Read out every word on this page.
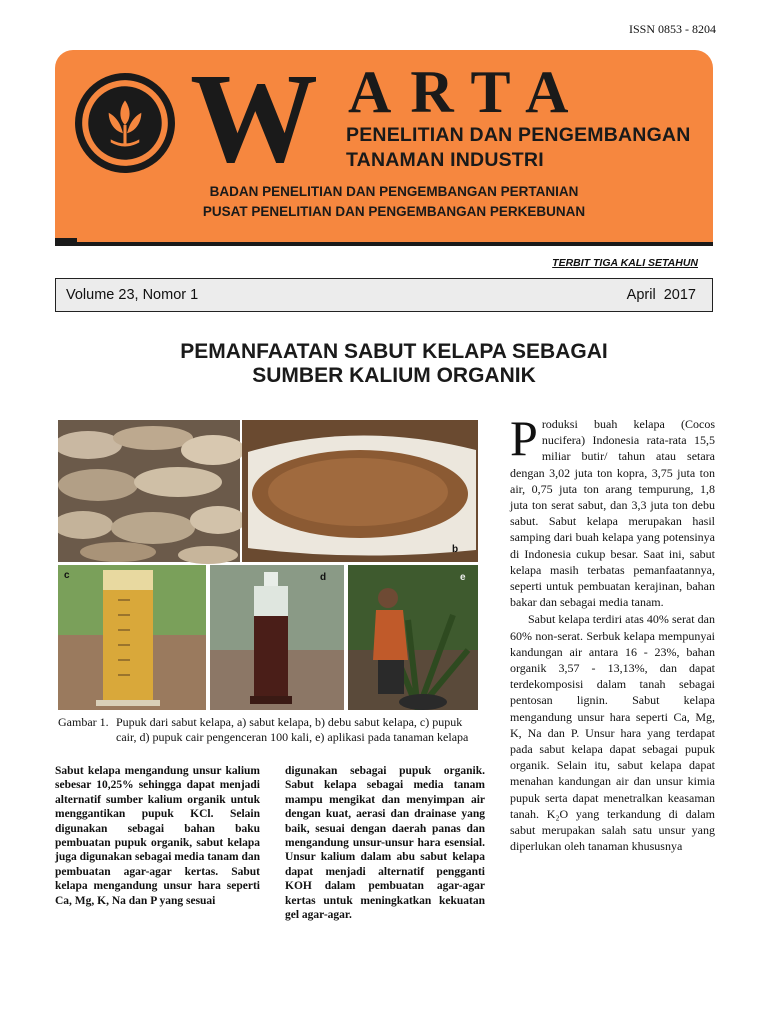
ISSN 0853 - 8204
W ARTA
PENELITIAN DAN PENGEMBANGAN
TANAMAN INDUSTRI
BADAN PENELITIAN DAN PENGEMBANGAN PERTANIAN
PUSAT PENELITIAN DAN PENGEMBANGAN PERKEBUNAN
TERBIT TIGA KALI SETAHUN
Volume 23, Nomor 1	April  2017
PEMANFAATAN SABUT KELAPA SEBAGAI
SUMBER KALIUM ORGANIK
b
c	d	e
Gambar 1. Pupuk dari sabut kelapa, a) sabut kelapa, b) debu sabut kelapa, c) pupuk cair, d) pupuk cair pengenceran 100 kali, e) aplikasi pada tanaman kelapa
Sabut kelapa mengandung unsur kalium sebesar 10,25% sehingga dapat menjadi alternatif sumber kalium organik untuk menggantikan pupuk KCl. Selain digunakan sebagai bahan baku pembuatan pupuk organik, sabut kelapa juga digunakan sebagai media tanam dan pembuatan agar-agar kertas. Sabut kelapa mengandung unsur hara seperti Ca, Mg, K, Na dan P yang sesuai
digunakan sebagai pupuk organik. Sabut kelapa sebagai media tanam mampu mengikat dan menyimpan air dengan kuat, aerasi dan drainase yang baik, sesuai dengan daerah panas dan mengandung unsur-unsur hara esensial. Unsur kalium dalam abu sabut kelapa dapat menjadi alternatif pengganti KOH dalam pembuatan agar-agar kertas untuk meningkatkan kekuatan gel agar-agar.

Produksi buah kelapa (Cocos nucifera) Indonesia rata-rata 15,5 miliar butir/ tahun atau setara dengan 3,02 juta ton kopra, 3,75 juta ton air, 0,75 juta ton arang tempurung, 1,8 juta ton serat sabut, dan 3,3 juta ton debu sabut. Sabut kelapa merupakan hasil samping dari buah kelapa yang potensinya di Indonesia cukup besar. Saat ini, sabut kelapa masih terbatas pemanfaatannya, seperti untuk pembuatan kerajinan, bahan bakar dan sebagai media tanam.

Sabut kelapa terdiri atas 40% serat dan 60% non-serat. Serbuk kelapa mempunyai kandungan air antara 16 - 23%, bahan organik 3,57 - 13,13%, dan dapat terdekomposisi dalam tanah sebagai pentosan lignin. Sabut kelapa mengandung unsur hara seperti Ca, Mg, K, Na dan P. Unsur hara yang terdapat pada sabut kelapa dapat sebagai pupuk organik. Selain itu, sabut kelapa dapat menahan kandungan air dan unsur kimia pupuk serta dapat menetralkan keasaman tanah. K₂O yang terkandung di dalam sabut merupakan salah satu unsur yang diperlukan oleh tanaman khususnya
